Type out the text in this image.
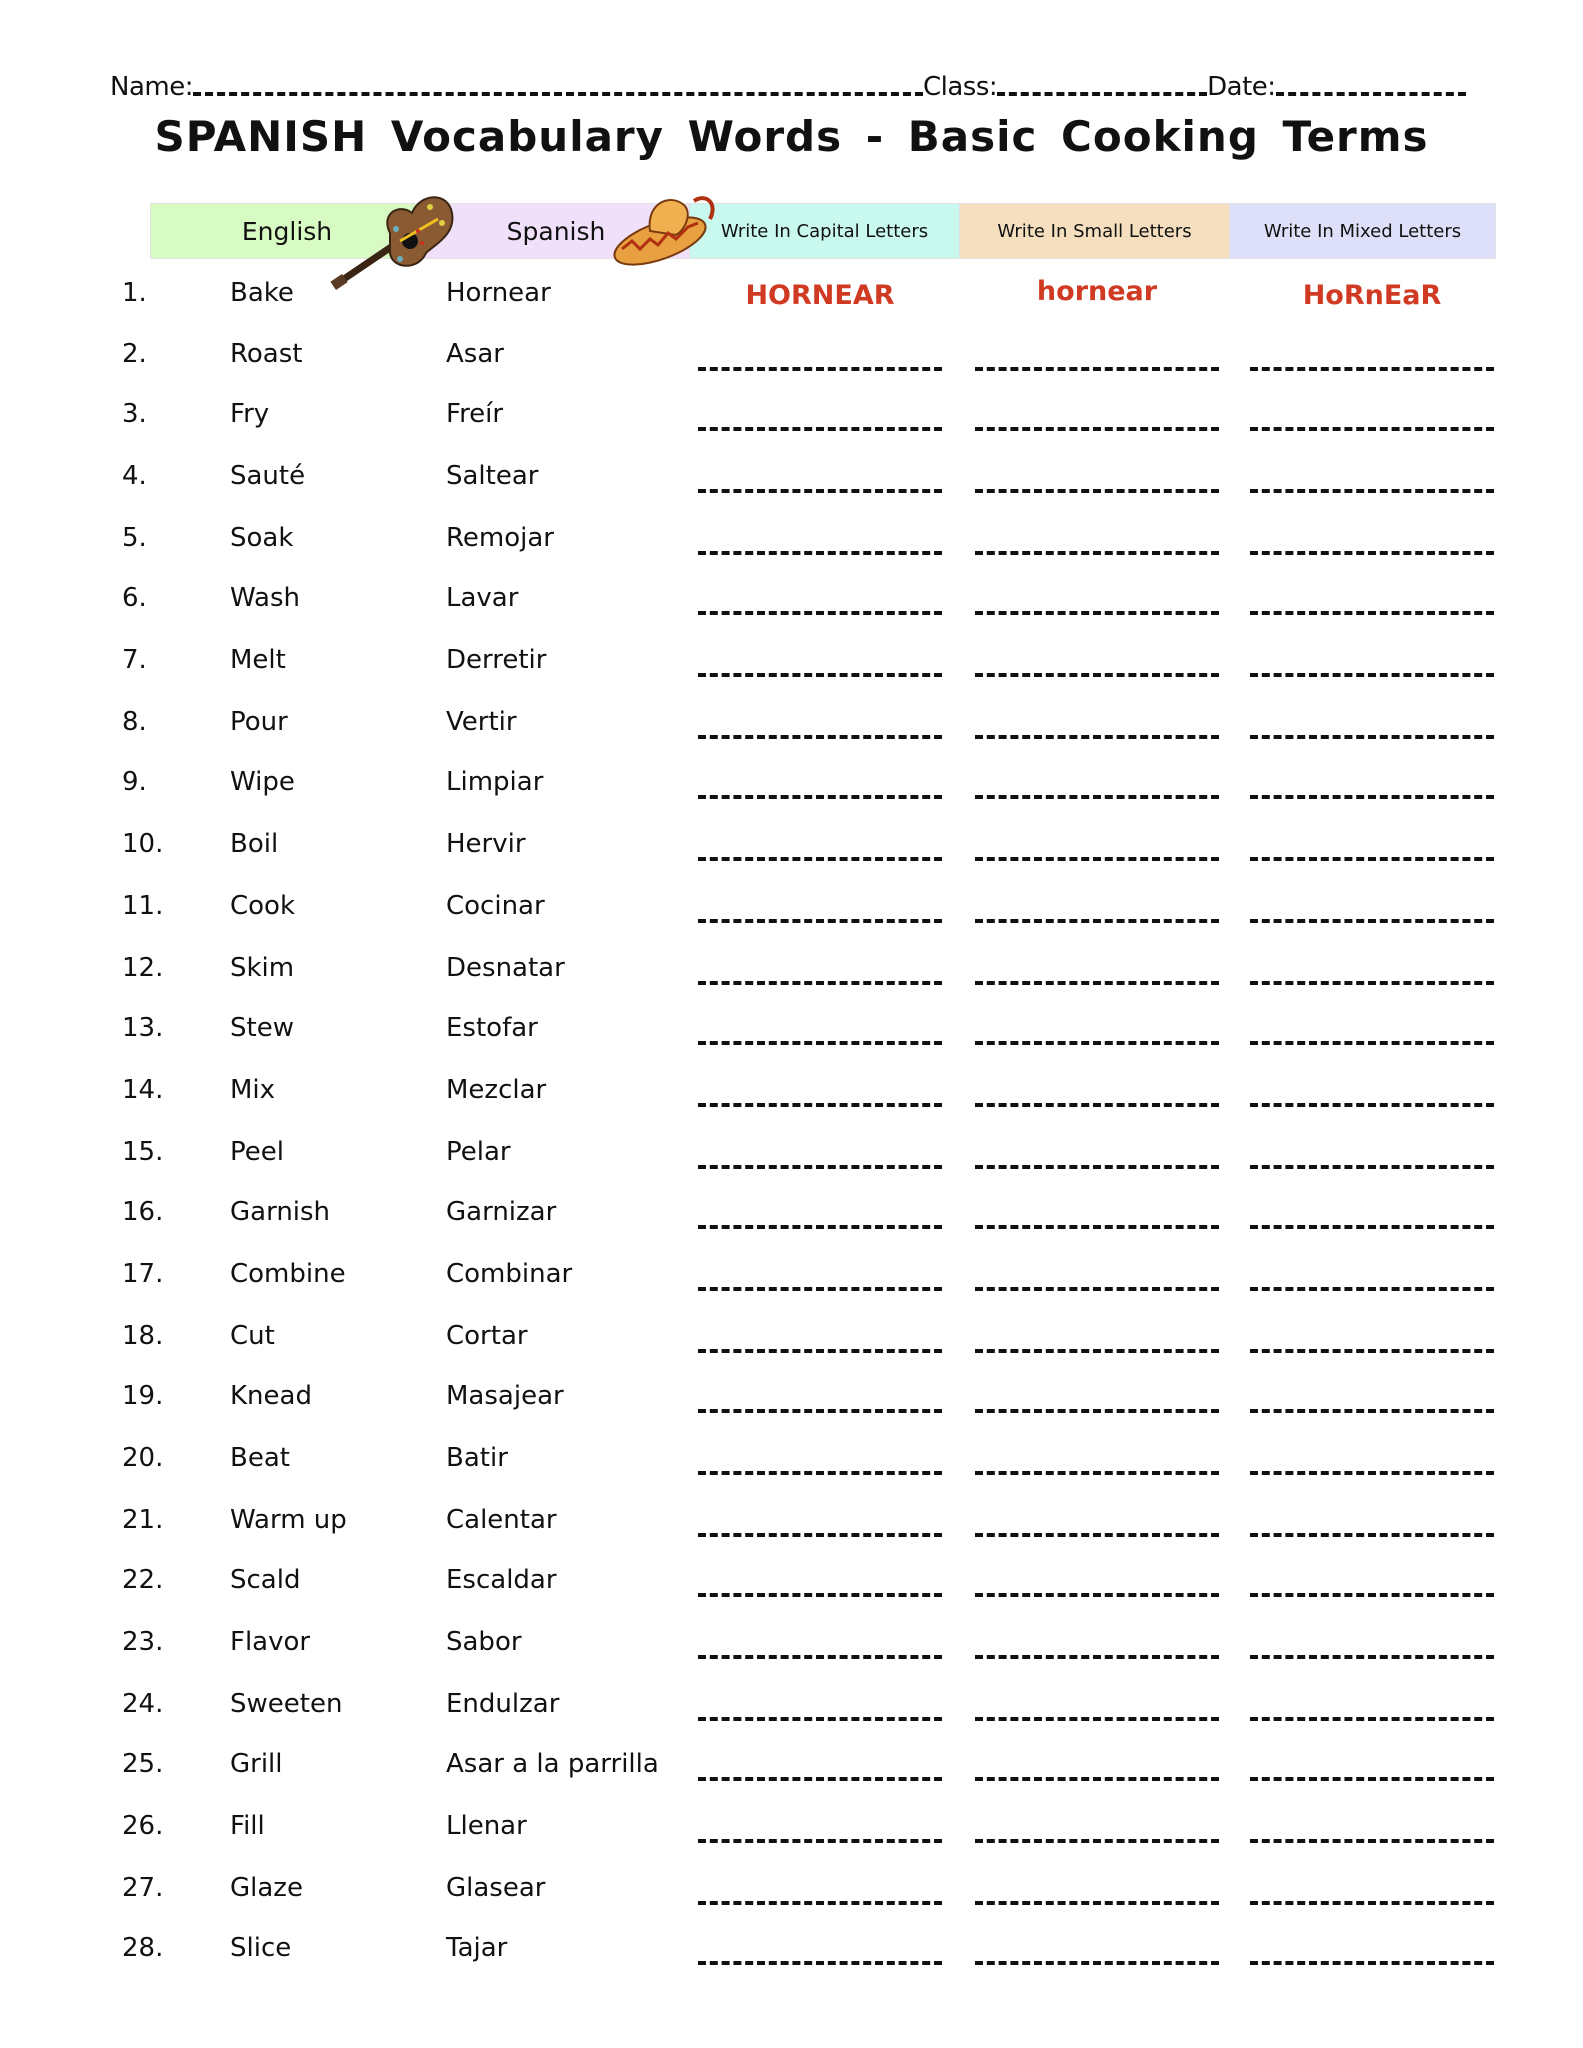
Name:	Class:	Date:
SPANISH Vocabulary Words - Basic Cooking Terms
English	Spanish	Write In Capital Letters	Write In Small Letters	Write In Mixed Letters
1.	Bake	Hornear	HORNEAR	hornear	HoRnEaR
2.	Roast	Asar
3.	Fry	Freír
4.	Sauté	Saltear
5.	Soak	Remojar
6.	Wash	Lavar
7.	Melt	Derretir
8.	Pour	Vertir
9.	Wipe	Limpiar
10.	Boil	Hervir
11.	Cook	Cocinar
12.	Skim	Desnatar
13.	Stew	Estofar
14.	Mix	Mezclar
15.	Peel	Pelar
16.	Garnish	Garnizar
17.	Combine	Combinar
18.	Cut	Cortar
19.	Knead	Masajear
20.	Beat	Batir
21.	Warm up	Calentar
22.	Scald	Escaldar
23.	Flavor	Sabor
24.	Sweeten	Endulzar
25.	Grill	Asar a la parrilla
26.	Fill	Llenar
27.	Glaze	Glasear
28.	Slice	Tajar
